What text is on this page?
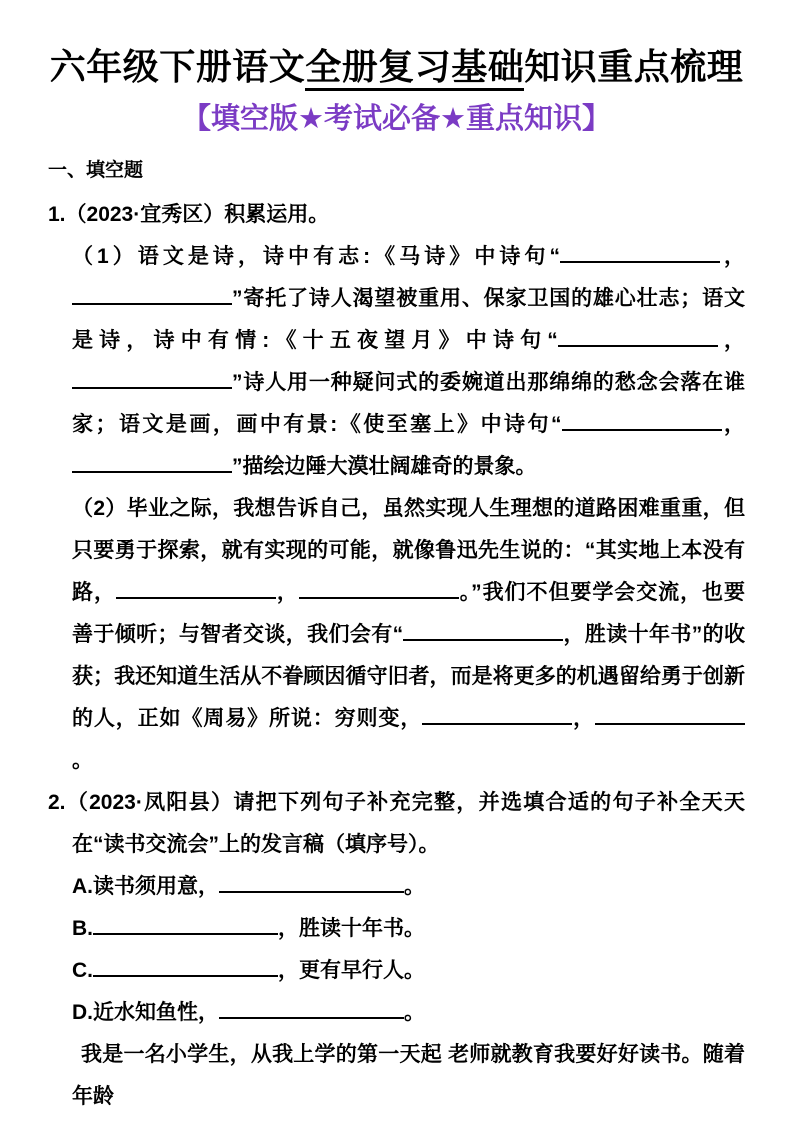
六年级下册语文全册复习基础知识重点梳理
【填空版★考试必备★重点知识】
一、填空题
1.（2023·宜秀区）积累运用。
（1）语文是诗，诗中有志:《马诗》中诗句“	，”寄托了诗人渴望被重用、保家卫国的雄心壮志；语文是诗，诗中有情:《十五夜望月》中诗句“	，”诗人用一种疑问式的委婉道出那绵绵的愁念会落在谁家；语文是画，画中有景:《使至塞上》中诗句“	，”描绘边陲大漠壮阔雄奇的景象。
（2）毕业之际，我想告诉自己，虽然实现人生理想的道路困难重重，但只要勇于探索，就有实现的可能，就像鲁迅先生说的：“其实地上本没有路，	，	。”我们不但要学会交流，也要善于倾听；与智者交谈，我们会有“	，胜读十年书”的收获；我还知道生活从不眷顾因循守旧者，而是将更多的机遇留给勇于创新的人，正如《周易》所说：穷则变，	，。
2.（2023·凤阳县）请把下列句子补充完整，并选填合适的句子补全天天在“读书交流会”上的发言稿（填序号）。
A.读书须用意，	。
B.	，胜读十年书。
C.	，更有早行人。
D.近水知鱼性，	。
我是一名小学生，从我上学的第一天起 老师就教育我要好好读书。随着年龄
